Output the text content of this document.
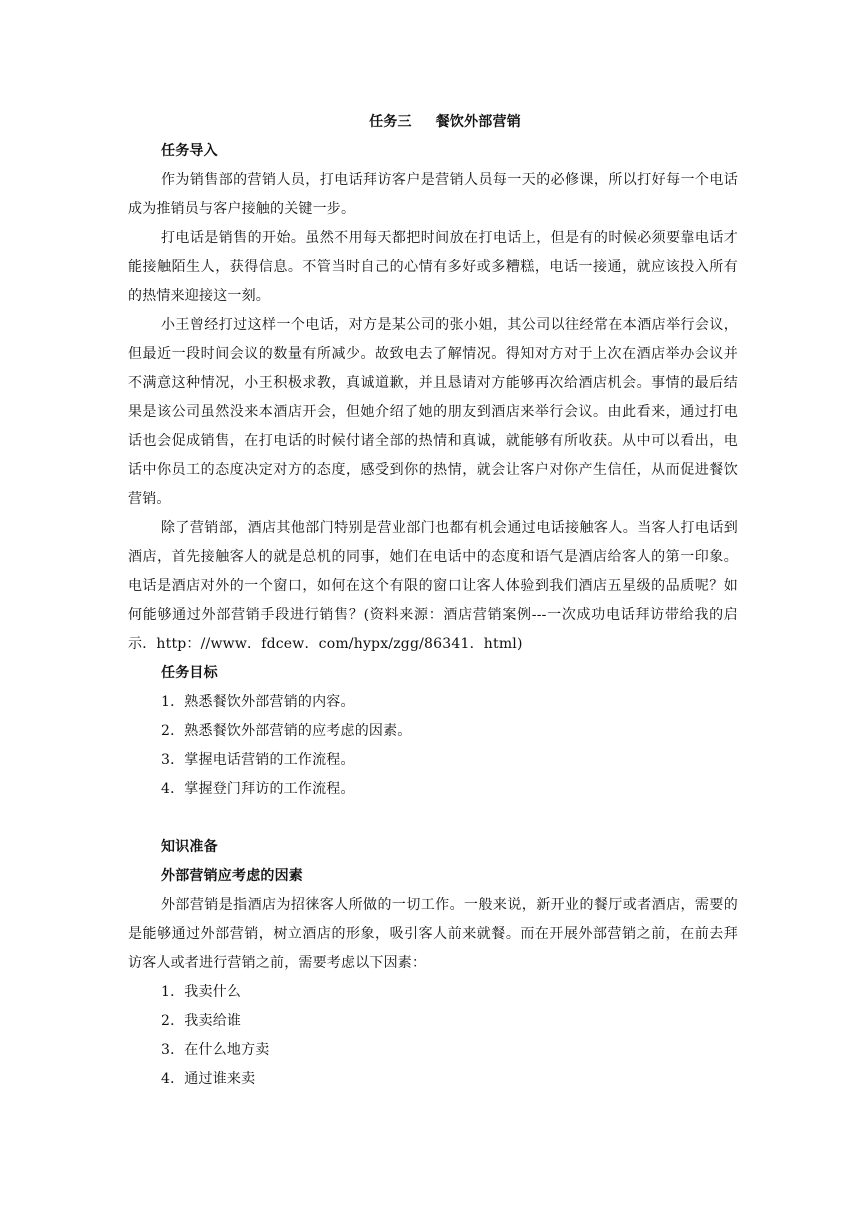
任务三 餐饮外部营销
任务导入

作为销售部的营销人员，打电话拜访客户是营销人员每一天的必修课，所以打好每一个电话成为推销员与客户接触的关键一步。

打电话是销售的开始。虽然不用每天都把时间放在打电话上，但是有的时候必须要靠电话才能接触陌生人，获得信息。不管当时自己的心情有多好或多糟糕，电话一接通，就应该投入所有的热情来迎接这一刻。

小王曾经打过这样一个电话，对方是某公司的张小姐，其公司以往经常在本酒店举行会议，但最近一段时间会议的数量有所减少。故致电去了解情况。得知对方对于上次在酒店举办会议并不满意这种情况，小王积极求教，真诚道歉，并且恳请对方能够再次给酒店机会。事情的最后结果是该公司虽然没来本酒店开会，但她介绍了她的朋友到酒店来举行会议。由此看来，通过打电话也会促成销售，在打电话的时候付诸全部的热情和真诚，就能够有所收获。从中可以看出，电话中你员工的态度决定对方的态度，感受到你的热情，就会让客户对你产生信任，从而促进餐饮营销。

除了营销部，酒店其他部门特别是营业部门也都有机会通过电话接触客人。当客人打电话到酒店，首先接触客人的就是总机的同事，她们在电话中的态度和语气是酒店给客人的第一印象。电话是酒店对外的一个窗口，如何在这个有限的窗口让客人体验到我们酒店五星级的品质呢？如何能够通过外部营销手段进行销售？(资料来源：酒店营销案例---一次成功电话拜访带给我的启示．http：//www．fdcew．com/hypx/zgg/86341．html)

任务目标
1．熟悉餐饮外部营销的内容。
2．熟悉餐饮外部营销的应考虑的因素。
3．掌握电话营销的工作流程。
4．掌握登门拜访的工作流程。
知识准备
外部营销应考虑的因素

外部营销是指酒店为招徕客人所做的一切工作。一般来说，新开业的餐厅或者酒店，需要的是能够通过外部营销，树立酒店的形象，吸引客人前来就餐。而在开展外部营销之前，在前去拜访客人或者进行营销之前，需要考虑以下因素：

1．我卖什么
2．我卖给谁
3．在什么地方卖
4．通过谁来卖
